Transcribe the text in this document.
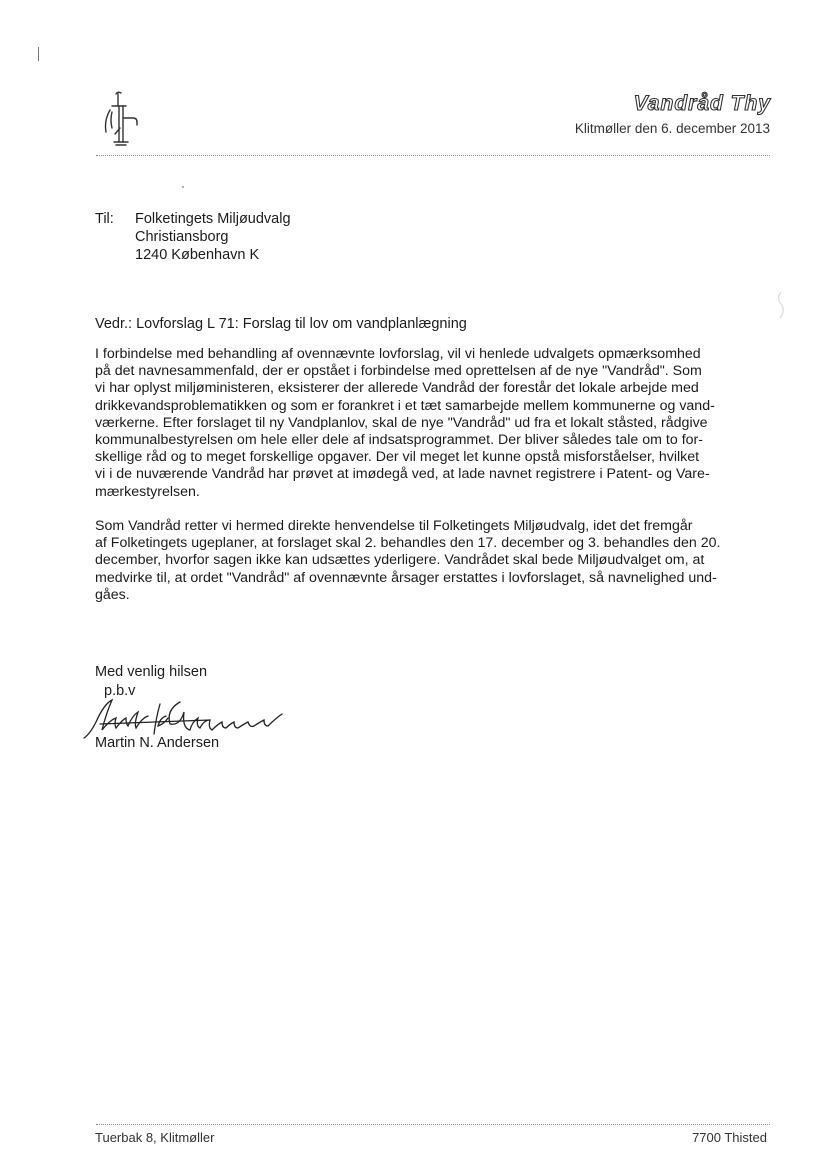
Vandråd Thy
Klitmøller den 6. december 2013
Til: Folketingets Miljøudvalg
Christiansborg
1240 København K
Vedr.: Lovforslag L 71: Forslag til lov om vandplanlægning
I forbindelse med behandling af ovennævnte lovforslag, vil vi henlede udvalgets opmærksomhed
på det navnesammenfald, der er opstået i forbindelse med oprettelsen af de nye "Vandråd". Som
vi har oplyst miljøministeren, eksisterer der allerede Vandråd der forestår det lokale arbejde med
drikkevandsproblematikken og som er forankret i et tæt samarbejde mellem kommunerne og vand-
værkerne. Efter forslaget til ny Vandplanlov, skal de nye "Vandråd" ud fra et lokalt ståsted, rådgive
kommunalbestyrelsen om hele eller dele af indsatsprogrammet. Der bliver således tale om to for-
skellige råd og to meget forskellige opgaver. Der vil meget let kunne opstå misforståelser, hvilket
vi i de nuværende Vandråd har prøvet at imødegå ved, at lade navnet registrere i Patent- og Vare-
mærkestyrelsen.
Som Vandråd retter vi hermed direkte henvendelse til Folketingets Miljøudvalg, idet det fremgår
af Folketingets ugeplaner, at forslaget skal 2. behandles den 17. december og 3. behandles den 20.
december, hvorfor sagen ikke kan udsættes yderligere. Vandrådet skal bede Miljøudvalget om, at
medvirke til, at ordet "Vandråd" af ovennævnte årsager erstattes i lovforslaget, så navnelighed und-
gåes.
Med venlig hilsen
p.b.v
Martin N. Andersen
Tuerbak 8, Klitmøller	7700 Thisted
